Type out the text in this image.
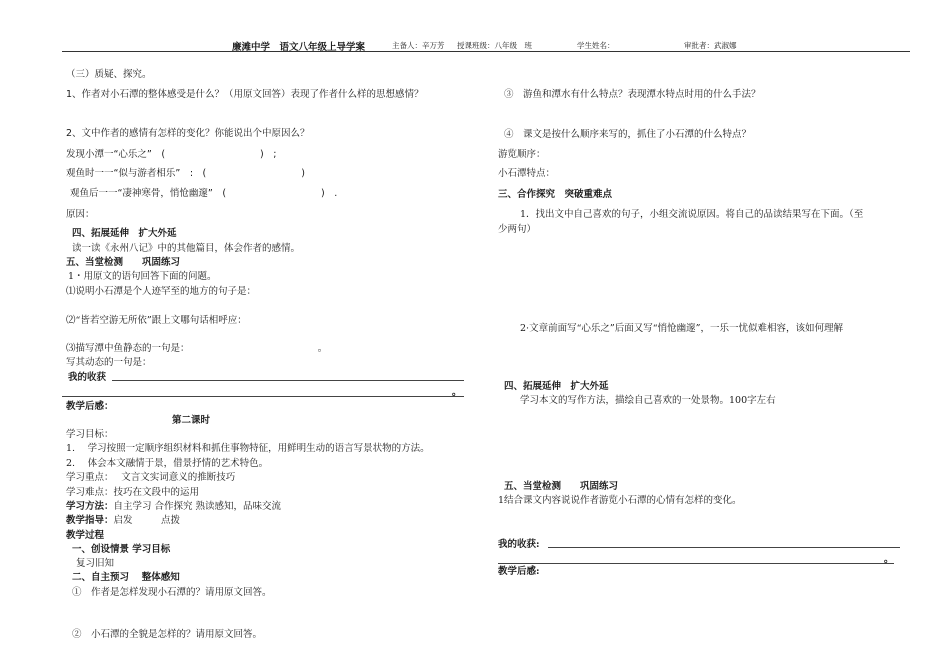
廉滩中学　语文八年级上导学案	主备人：辛万芳 授课班级：八年级　班	学生姓名：	审批者：武淑娜
（三）质疑、探究。
1、作者对小石潭的整体感受是什么？（用原文回答）表现了作者什么样的思想感情？
2、文中作者的感情有怎样的变化？你能说出个中原因么？
发现小潭一“心乐之”　(　　　　　　　　　　)　;
观鱼时一一“似与游者相乐”　:　(　　　　　　　　　　)
观鱼后一一“凄神寒骨，悄怆幽邃”　(　　　　　　　　　　)　.
原因：
四、拓展延伸　扩大外延
读一读《永州八记》中的其他篇目，体会作者的感情。
五、当堂检测　　巩固练习
1・用原文的语句回答下面的问题。
⑴说明小石潭是个人迹罕至的地方的句子是：
⑵“皆若空游无所依”跟上文哪句话相呼应：
⑶描写潭中鱼静态的一句是：　　　　　　　　　　　　　　。
写其动态的一句是：
我的收获
。
教学后感：
第二课时
学习目标：
1.　 学习按照一定顺序组织材料和抓住事物特征，用鲜明生动的语言写景状物的方法。
2.　 体会本文融情于景，借景抒情的艺术特色。
学习重点：　 文言文实词意义的推断技巧
学习难点：技巧在文段中的运用
学习方法：自主学习 合作探究 熟读感知，品味交流
教学指导：启发　　　点拨
教学过程
一、创设情景 学习目标
复习旧知
二、自主预习　 整体感知
①　作者是怎样发现小石潭的？请用原文回答。
②　小石潭的全貌是怎样的？请用原文回答。
③　游鱼和潭水有什么特点？表现潭水特点时用的什么手法？
④　课文是按什么顺序来写的，抓住了小石潭的什么特点？
游览顺序：
小石潭特点：
三、合作探究　突破重难点
1．找出文中自己喜欢的句子，小组交流说原因。将自己的品读结果写在下面。（至
少两句）
2·文章前面写“心乐之”后面又写“悄怆幽邃”，一乐一忧似难相容，该如何理解
四、拓展延伸　扩大外延
学习本文的写作方法，描绘自己喜欢的一处景物。100字左右
五、当堂检测　　巩固练习
1结合课文内容说说作者游览小石潭的心情有怎样的变化。
我的收获:
。
教学后感:
